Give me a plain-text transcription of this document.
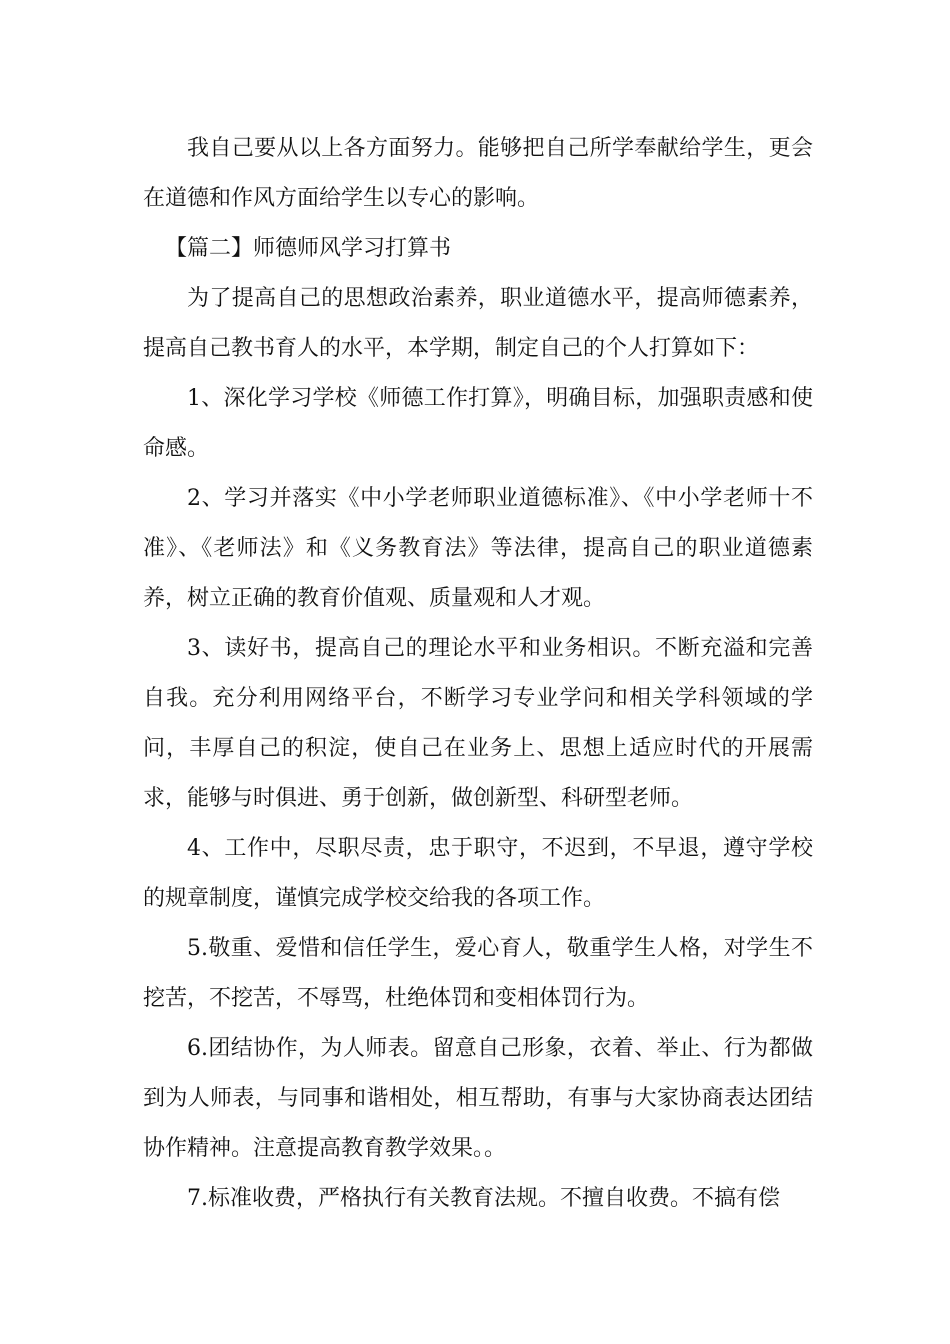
我自己要从以上各方面努力。能够把自己所学奉献给学生，更会在道德和作风方面给学生以专心的影响。

【篇二】师德师风学习打算书

为了提高自己的思想政治素养，职业道德水平，提高师德素养，提高自己教书育人的水平，本学期，制定自己的个人打算如下：

1、深化学习学校《师德工作打算》，明确目标，加强职责感和使命感。

2、学习并落实《中小学老师职业道德标准》、《中小学老师十不准》、《老师法》和《义务教育法》等法律，提高自己的职业道德素养，树立正确的教育价值观、质量观和人才观。

3、读好书，提高自己的理论水平和业务相识。不断充溢和完善自我。充分利用网络平台，不断学习专业学问和相关学科领域的学问，丰厚自己的积淀，使自己在业务上、思想上适应时代的开展需求，能够与时俱进、勇于创新，做创新型、科研型老师。

4、工作中，尽职尽责，忠于职守，不迟到，不早退，遵守学校的规章制度，谨慎完成学校交给我的各项工作。

5.敬重、爱惜和信任学生，爱心育人，敬重学生人格，对学生不挖苦，不挖苦，不辱骂，杜绝体罚和变相体罚行为。

6.团结协作，为人师表。留意自己形象，衣着、举止、行为都做到为人师表，与同事和谐相处，相互帮助，有事与大家协商表达团结协作精神。注意提高教育教学效果。。

7.标准收费，严格执行有关教育法规。不擅自收费。不搞有偿
